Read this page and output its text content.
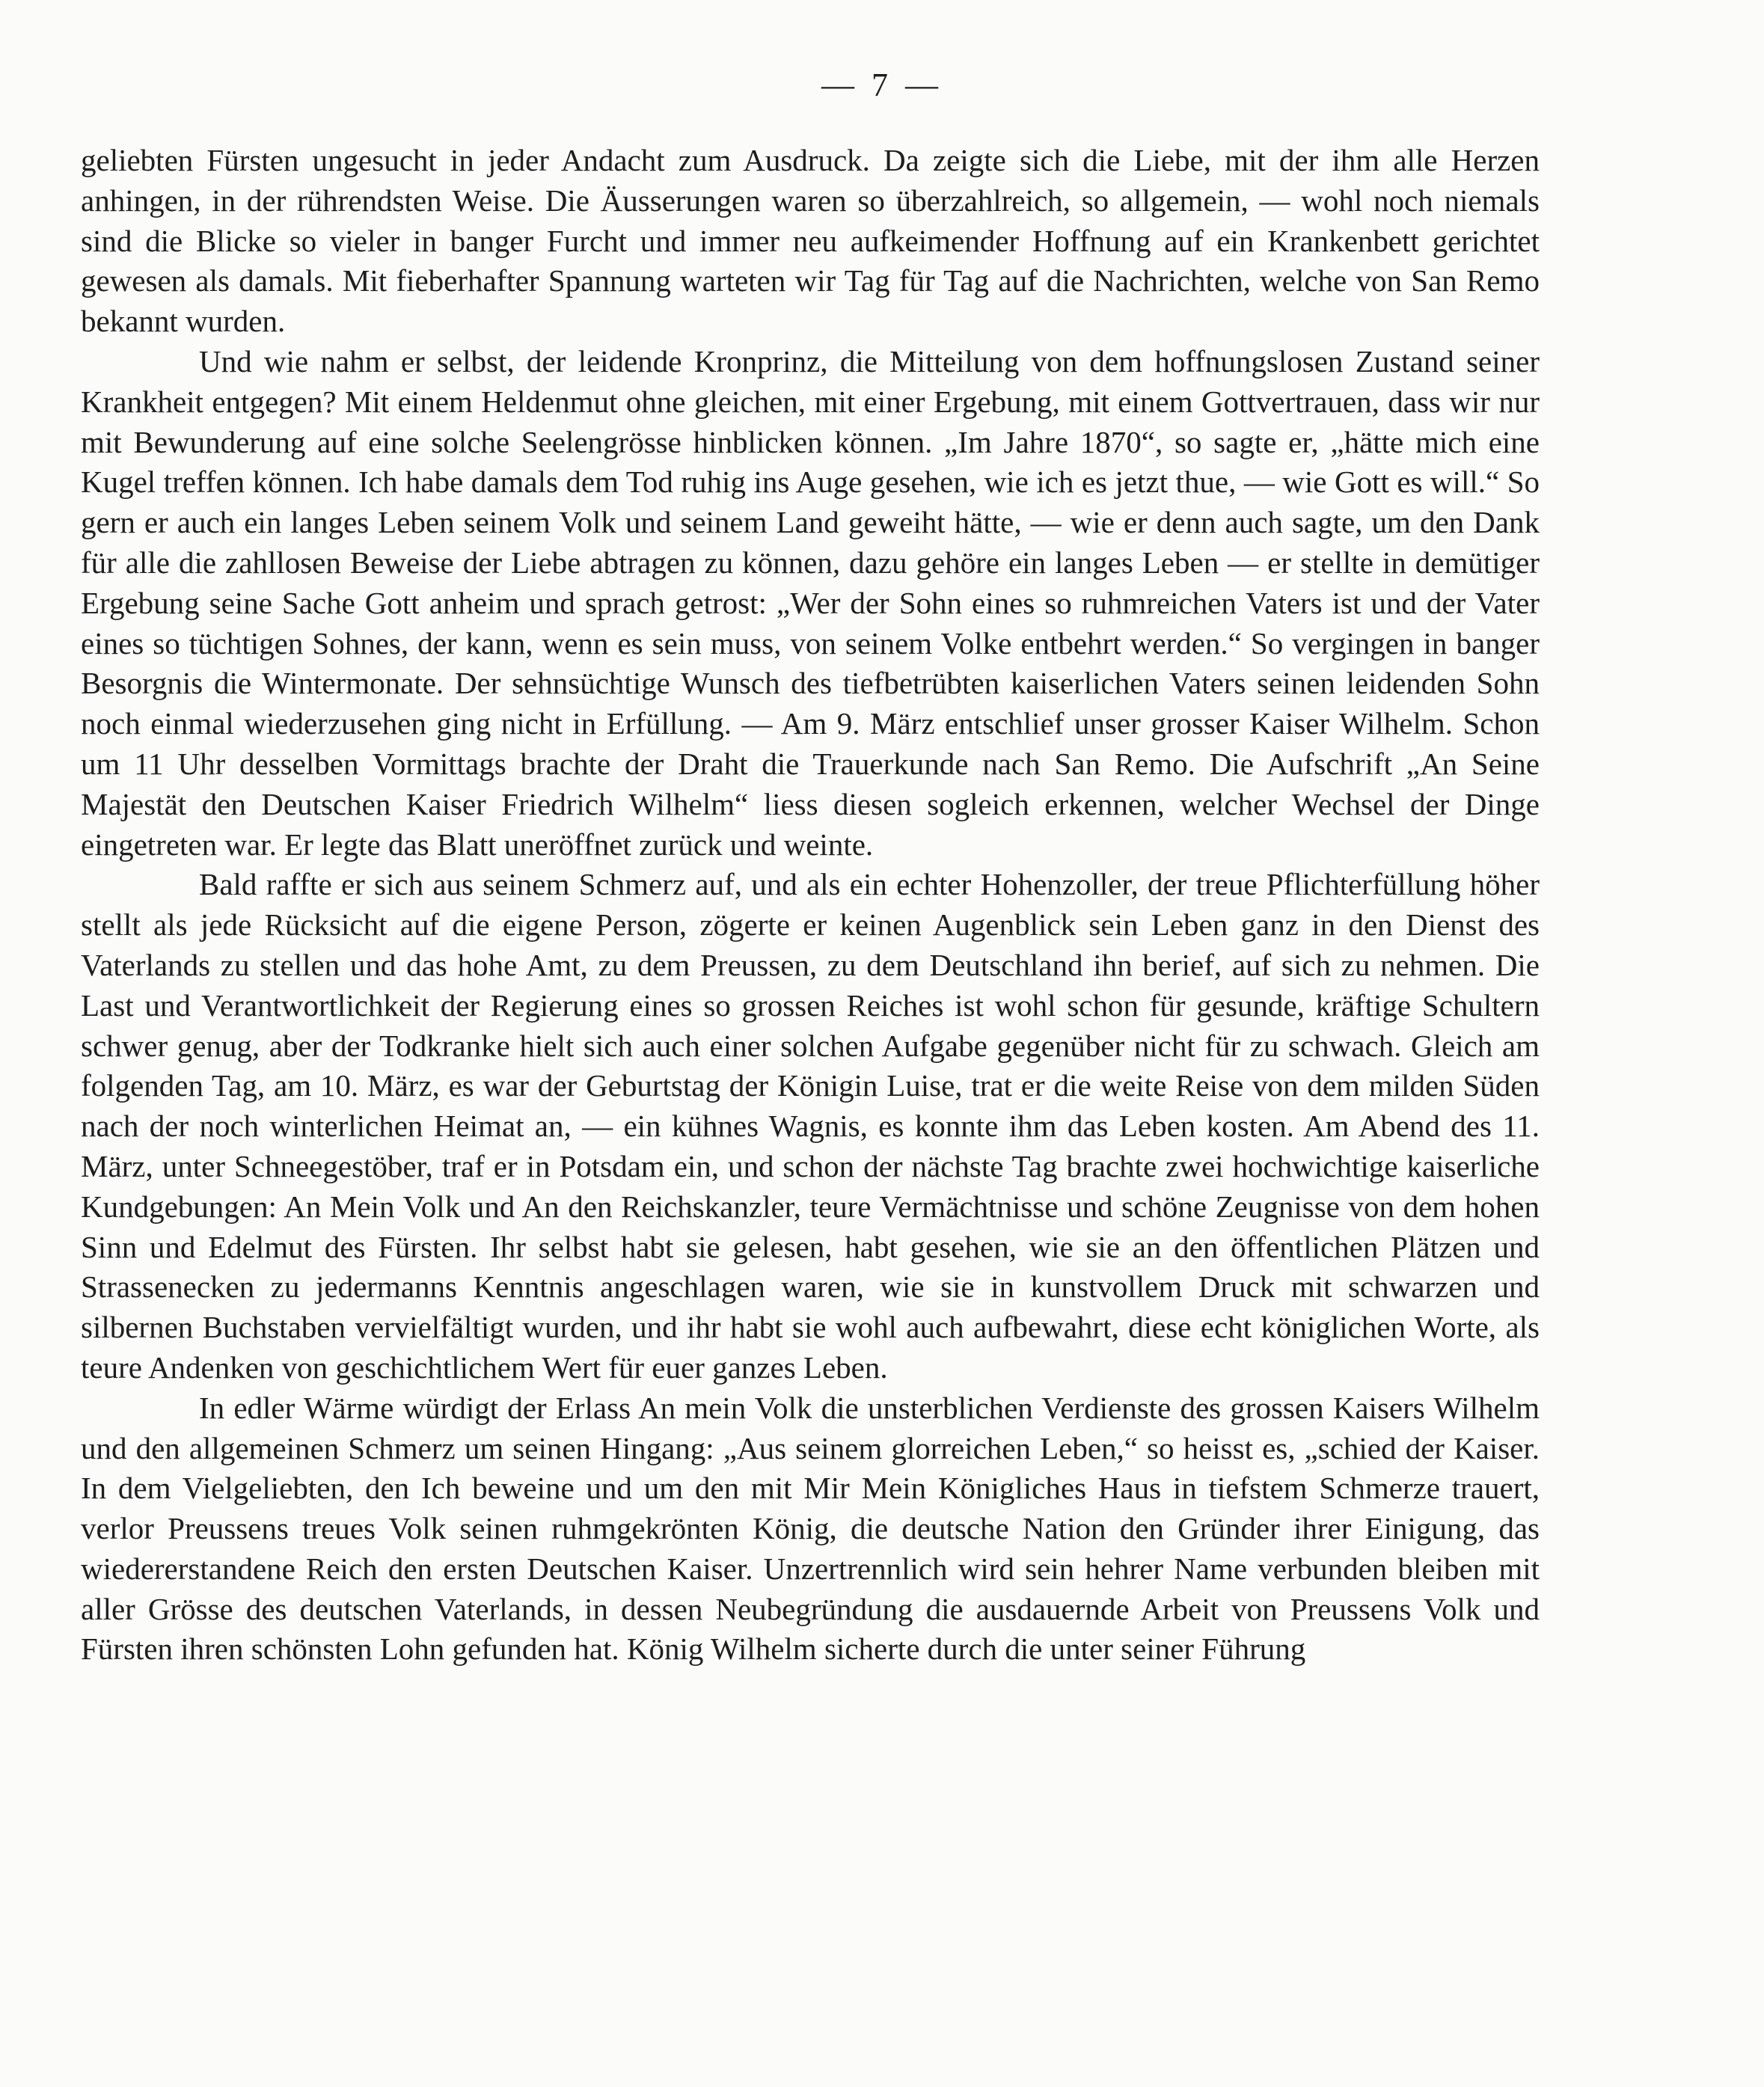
— 7 —

geliebten Fürsten ungesucht in jeder Andacht zum Ausdruck. Da zeigte sich die Liebe, mit der ihm alle Herzen anhingen, in der rührendsten Weise. Die Äusserungen waren so überzahlreich, so allgemein, — wohl noch niemals sind die Blicke so vieler in banger Furcht und immer neu aufkeimender Hoffnung auf ein Krankenbett gerichtet gewesen als damals. Mit fieberhafter Spannung warteten wir Tag für Tag auf die Nachrichten, welche von San Remo bekannt wurden.

Und wie nahm er selbst, der leidende Kronprinz, die Mitteilung von dem hoffnungslosen Zustand seiner Krankheit entgegen? Mit einem Heldenmut ohne gleichen, mit einer Ergebung, mit einem Gottvertrauen, dass wir nur mit Bewunderung auf eine solche Seelengrösse hinblicken können. „Im Jahre 1870“, so sagte er, „hätte mich eine Kugel treffen können. Ich habe damals dem Tod ruhig ins Auge gesehen, wie ich es jetzt thue, — wie Gott es will.“ So gern er auch ein langes Leben seinem Volk und seinem Land geweiht hätte, — wie er denn auch sagte, um den Dank für alle die zahllosen Beweise der Liebe abtragen zu können, dazu gehöre ein langes Leben — er stellte in demütiger Ergebung seine Sache Gott anheim und sprach getrost: „Wer der Sohn eines so ruhmreichen Vaters ist und der Vater eines so tüchtigen Sohnes, der kann, wenn es sein muss, von seinem Volke entbehrt werden.“ So vergingen in banger Besorgnis die Wintermonate. Der sehnsüchtige Wunsch des tiefbetrübten kaiserlichen Vaters seinen leidenden Sohn noch einmal wiederzusehen ging nicht in Erfüllung. — Am 9. März entschlief unser grosser Kaiser Wilhelm. Schon um 11 Uhr desselben Vormittags brachte der Draht die Trauerkunde nach San Remo. Die Aufschrift „An Seine Majestät den Deutschen Kaiser Friedrich Wilhelm“ liess diesen sogleich erkennen, welcher Wechsel der Dinge eingetreten war. Er legte das Blatt uneröffnet zurück und weinte.

Bald raffte er sich aus seinem Schmerz auf, und als ein echter Hohenzoller, der treue Pflichterfüllung höher stellt als jede Rücksicht auf die eigene Person, zögerte er keinen Augenblick sein Leben ganz in den Dienst des Vaterlands zu stellen und das hohe Amt, zu dem Preussen, zu dem Deutschland ihn berief, auf sich zu nehmen. Die Last und Verantwortlichkeit der Regierung eines so grossen Reiches ist wohl schon für gesunde, kräftige Schultern schwer genug, aber der Todkranke hielt sich auch einer solchen Aufgabe gegenüber nicht für zu schwach. Gleich am folgenden Tag, am 10. März, es war der Geburtstag der Königin Luise, trat er die weite Reise von dem milden Süden nach der noch winterlichen Heimat an, — ein kühnes Wagnis, es konnte ihm das Leben kosten. Am Abend des 11. März, unter Schneegestöber, traf er in Potsdam ein, und schon der nächste Tag brachte zwei hochwichtige kaiserliche Kundgebungen: An Mein Volk und An den Reichskanzler, teure Vermächtnisse und schöne Zeugnisse von dem hohen Sinn und Edelmut des Fürsten. Ihr selbst habt sie gelesen, habt gesehen, wie sie an den öffentlichen Plätzen und Strassenecken zu jedermanns Kenntnis angeschlagen waren, wie sie in kunstvollem Druck mit schwarzen und silbernen Buchstaben vervielfältigt wurden, und ihr habt sie wohl auch aufbewahrt, diese echt königlichen Worte, als teure Andenken von geschichtlichem Wert für euer ganzes Leben.

In edler Wärme würdigt der Erlass An mein Volk die unsterblichen Verdienste des grossen Kaisers Wilhelm und den allgemeinen Schmerz um seinen Hingang: „Aus seinem glorreichen Leben,“ so heisst es, „schied der Kaiser. In dem Vielgeliebten, den Ich beweine und um den mit Mir Mein Königliches Haus in tiefstem Schmerze trauert, verlor Preussens treues Volk seinen ruhmgekrönten König, die deutsche Nation den Gründer ihrer Einigung, das wiedererstandene Reich den ersten Deutschen Kaiser. Unzertrennlich wird sein hehrer Name verbunden bleiben mit aller Grösse des deutschen Vaterlands, in dessen Neubegründung die ausdauernde Arbeit von Preussens Volk und Fürsten ihren schönsten Lohn gefunden hat. König Wilhelm sicherte durch die unter seiner Führung
